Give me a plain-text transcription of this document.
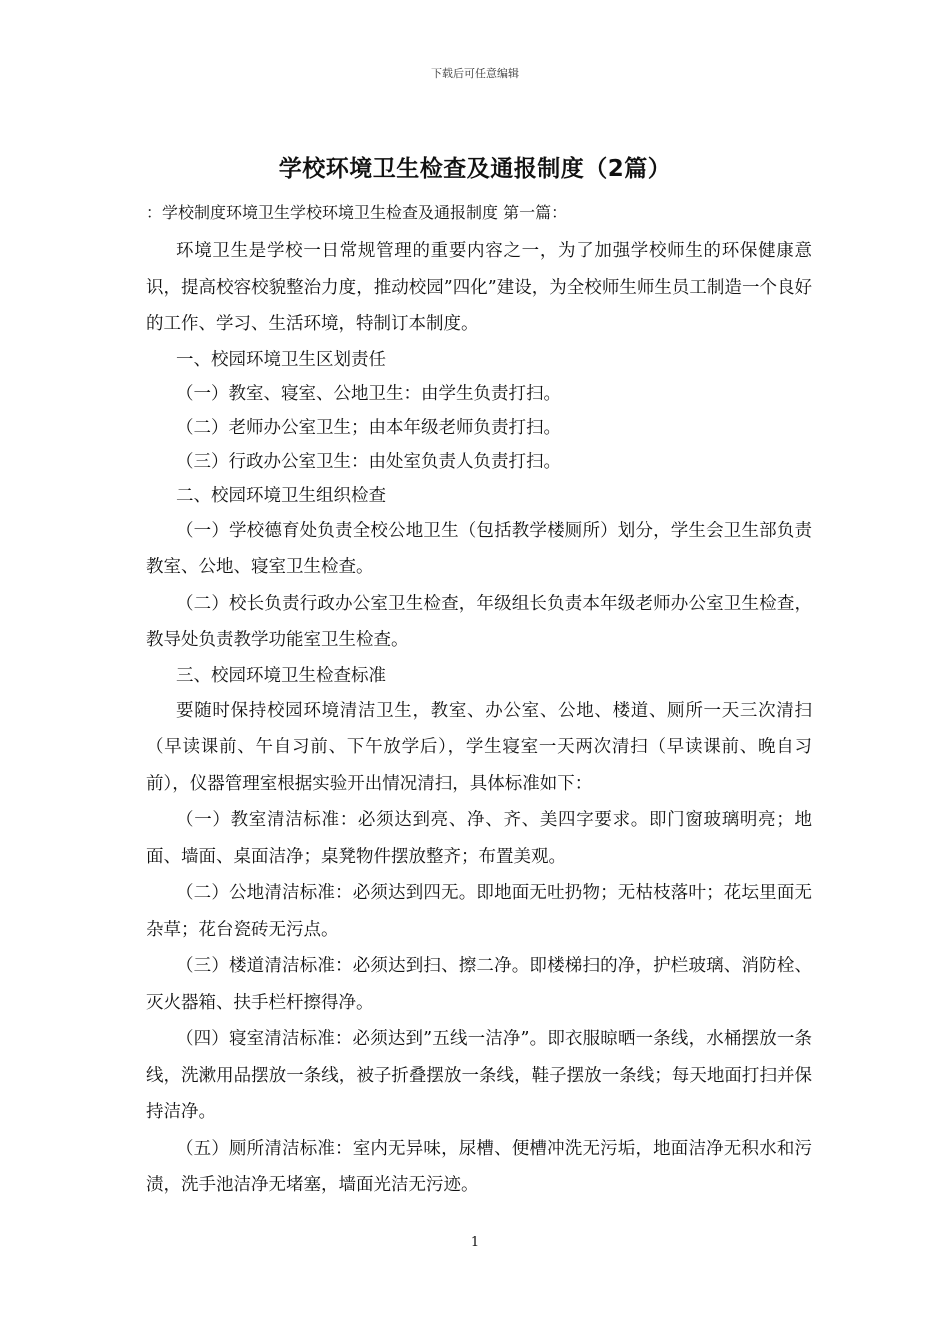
下载后可任意编辑
学校环境卫生检查及通报制度（2篇）
：学校制度环境卫生学校环境卫生检查及通报制度 第一篇：

环境卫生是学校一日常规管理的重要内容之一，为了加强学校师生的环保健康意识，提高校容校貌整治力度，推动校园”四化”建设，为全校师生师生员工制造一个良好的工作、学习、生活环境，特制订本制度。

一、校园环境卫生区划责任

（一）教室、寝室、公地卫生：由学生负责打扫。

（二）老师办公室卫生；由本年级老师负责打扫。

（三）行政办公室卫生：由处室负责人负责打扫。

二、校园环境卫生组织检查

（一）学校德育处负责全校公地卫生（包括教学楼厕所）划分，学生会卫生部负责教室、公地、寝室卫生检查。

（二）校长负责行政办公室卫生检查，年级组长负责本年级老师办公室卫生检查，教导处负责教学功能室卫生检查。

三、校园环境卫生检查标准

要随时保持校园环境清洁卫生，教室、办公室、公地、楼道、厕所一天三次清扫（早读课前、午自习前、下午放学后），学生寝室一天两次清扫（早读课前、晚自习前），仪器管理室根据实验开出情况清扫，具体标准如下：

（一）教室清洁标准：必须达到亮、净、齐、美四字要求。即门窗玻璃明亮；地面、墙面、桌面洁净；桌凳物件摆放整齐；布置美观。

（二）公地清洁标准：必须达到四无。即地面无吐扔物；无枯枝落叶；花坛里面无杂草；花台瓷砖无污点。

（三）楼道清洁标准：必须达到扫、擦二净。即楼梯扫的净，护栏玻璃、消防栓、灭火器箱、扶手栏杆擦得净。

（四）寝室清洁标准：必须达到”五线一洁净”。即衣服晾晒一条线，水桶摆放一条线，洗漱用品摆放一条线，被子折叠摆放一条线，鞋子摆放一条线；每天地面打扫并保持洁净。

（五）厕所清洁标准：室内无异味，尿槽、便槽冲洗无污垢，地面洁净无积水和污渍，洗手池洁净无堵塞，墙面光洁无污迹。

1
